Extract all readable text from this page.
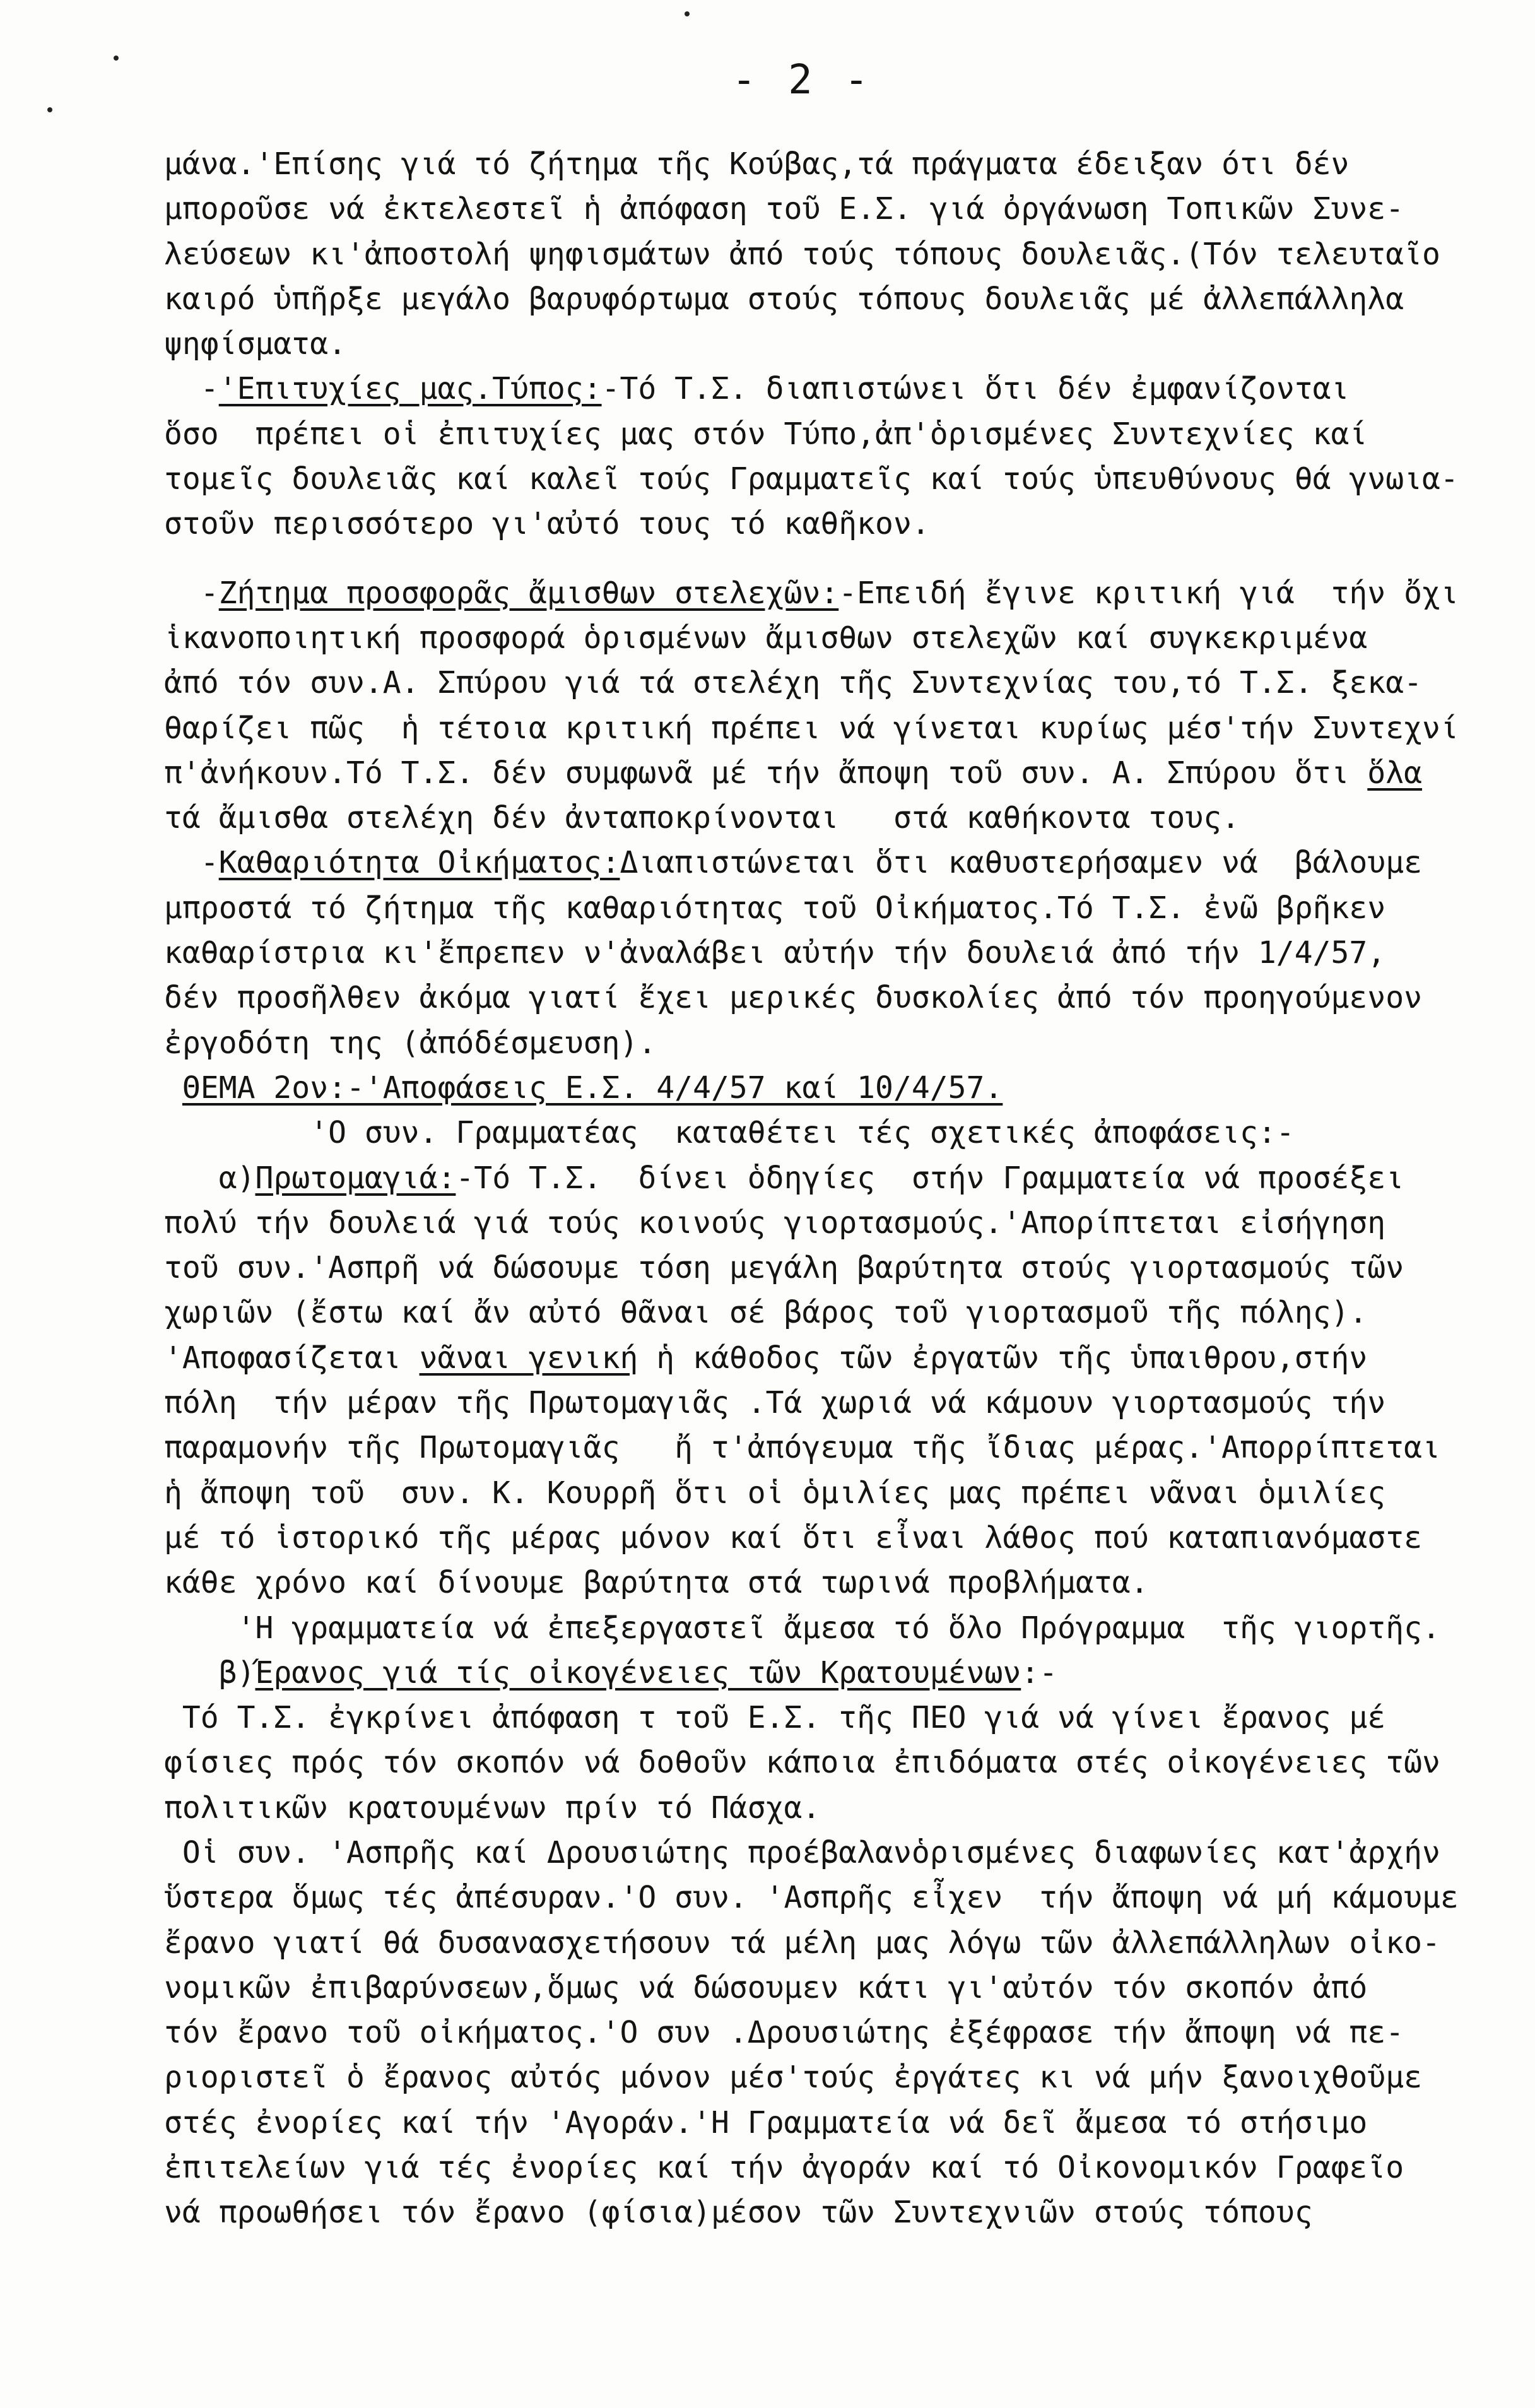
- 2 -
μάνα.'Επίσης γιά τό ζήτημα τῆς Κούβας,τά πράγματα έδειξαν ότι δέν
μποροῦσε νά ἐκτελεστεῖ ἡ ἀπόφαση τοῦ Ε.Σ. γιά ὀργάνωση Τοπικῶν Συνε-
λεύσεων κι'ἀποστολή ψηφισμάτων ἀπό τούς τόπους δουλειᾶς.(Τόν τελευταῖο
καιρό ὑπῆρξε μεγάλο βαρυφόρτωμα στούς τόπους δουλειᾶς μέ ἀλλεπάλληλα
ψηφίσματα.
-'Επιτυχίες μας.Τύπος:-Τό Τ.Σ. διαπιστώνει ὅτι δέν ἐμφανίζονται
ὅσο  πρέπει οἱ ἐπιτυχίες μας στόν Τύπο,ἀπ'ὁρισμένες Συντεχνίες καί
τομεῖς δουλειᾶς καί καλεῖ τούς Γραμματεῖς καί τούς ὑπευθύνους θά γνωια-
στοῦν περισσότερο γι'αὐτό τους τό καθῆκον.
-Ζήτημα προσφορᾶς ἄμισθων στελεχῶν:-Επειδή ἔγινε κριτική γιά  τήν ὄχι
ἱκανοποιητική προσφορά ὁρισμένων ἄμισθων στελεχῶν καί συγκεκριμένα
ἀπό τόν συν.Α. Σπύρου γιά τά στελέχη τῆς Συντεχνίας του,τό Τ.Σ. ξεκα-
θαρίζει πῶς  ἡ τέτοια κριτική πρέπει νά γίνεται κυρίως μέσ'τήν Συντεχνί
π'ἀνήκουν.Τό Τ.Σ. δέν συμφωνᾶ μέ τήν ἄποψη τοῦ συν. Α. Σπύρου ὅτι ὅλα
τά ἄμισθα στελέχη δέν ἀνταποκρίνονται   στά καθήκοντα τους.
-Καθαριότητα Οἰκήματος:Διαπιστώνεται ὅτι καθυστερήσαμεν νά  βάλουμε
μπροστά τό ζήτημα τῆς καθαριότητας τοῦ Οἰκήματος.Τό Τ.Σ. ἐνῶ βρῆκεν
καθαρίστρια κι'ἔπρεπεν ν'ἀναλάβει αὐτήν τήν δουλειά ἀπό τήν 1/4/57,
δέν προσῆλθεν ἀκόμα γιατί ἔχει μερικές δυσκολίες ἀπό τόν προηγούμενον
ἐργοδότη της (ἀπόδέσμευση).
ΘΕΜΑ 2ον:-'Αποφάσεις Ε.Σ. 4/4/57 καί 10/4/57.
'Ο συν. Γραμματέας  καταθέτει τές σχετικές ἀποφάσεις:-
α)Πρωτομαγιά:-Τό Τ.Σ.  δίνει ὁδηγίες  στήν Γραμματεία νά προσέξει
πολύ τήν δουλειά γιά τούς κοινούς γιορτασμούς.'Απορίπτεται εἰσήγηση
τοῦ συν.'Ασπρῆ νά δώσουμε τόση μεγάλη βαρύτητα στούς γιορτασμούς τῶν
χωριῶν (ἔστω καί ἄν αὐτό θᾶναι σέ βάρος τοῦ γιορτασμοῦ τῆς πόλης).
'Αποφασίζεται νᾶναι γενική ἡ κάθοδος τῶν ἐργατῶν τῆς ὑπαιθρου,στήν
πόλη  τήν μέραν τῆς Πρωτομαγιᾶς .Τά χωριά νά κάμουν γιορτασμούς τήν
παραμονήν τῆς Πρωτομαγιᾶς   ἤ τ'ἀπόγευμα τῆς ἴδιας μέρας.'Απορρίπτεται
ἡ ἄποψη τοῦ  συν. Κ. Κουρρῆ ὅτι οἱ ὁμιλίες μας πρέπει νᾶναι ὁμιλίες
μέ τό ἱστορικό τῆς μέρας μόνον καί ὅτι εἶναι λάθος πού καταπιανόμαστε
κάθε χρόνο καί δίνουμε βαρύτητα στά τωρινά προβλήματα.
'Η γραμματεία νά ἐπεξεργαστεῖ ἄμεσα τό ὅλο Πρόγραμμα  τῆς γιορτῆς.
β)Έρανος γιά τίς οἰκογένειες τῶν Κρατουμένων:-
Τό Τ.Σ. ἐγκρίνει ἀπόφαση τ τοῦ Ε.Σ. τῆς ΠΕΟ γιά νά γίνει ἔρανος μέ
φίσιες πρός τόν σκοπόν νά δοθοῦν κάποια ἐπιδόματα στές οἰκογένειες τῶν
πολιτικῶν κρατουμένων πρίν τό Πάσχα.
Οἱ συν. 'Ασπρῆς καί Δρουσιώτης προέβαλανὁρισμένες διαφωνίες κατ'ἀρχήν
ὕστερα ὅμως τές ἀπέσυραν.'Ο συν. 'Ασπρῆς εἶχεν  τήν ἄποψη νά μή κάμουμε
ἔρανο γιατί θά δυσανασχετήσουν τά μέλη μας λόγω τῶν ἀλλεπάλληλων οἰκο-
νομικῶν ἐπιβαρύνσεων,ὅμως νά δώσουμεν κάτι γι'αὐτόν τόν σκοπόν ἀπό
τόν ἔρανο τοῦ οἰκήματος.'Ο συν .Δρουσιώτης ἐξέφρασε τήν ἄποψη νά πε-
ριοριστεῖ ὁ ἔρανος αὐτός μόνον μέσ'τούς ἐργάτες κι νά μήν ξανοιχθοῦμε
στές ἐνορίες καί τήν 'Αγοράν.'Η Γραμματεία νά δεῖ ἄμεσα τό στήσιμο
ἐπιτελείων γιά τές ἐνορίες καί τήν ἀγοράν καί τό Οἰκονομικόν Γραφεῖο
νά προωθήσει τόν ἔρανο (φίσια)μέσον τῶν Συντεχνιῶν στούς τόπους
